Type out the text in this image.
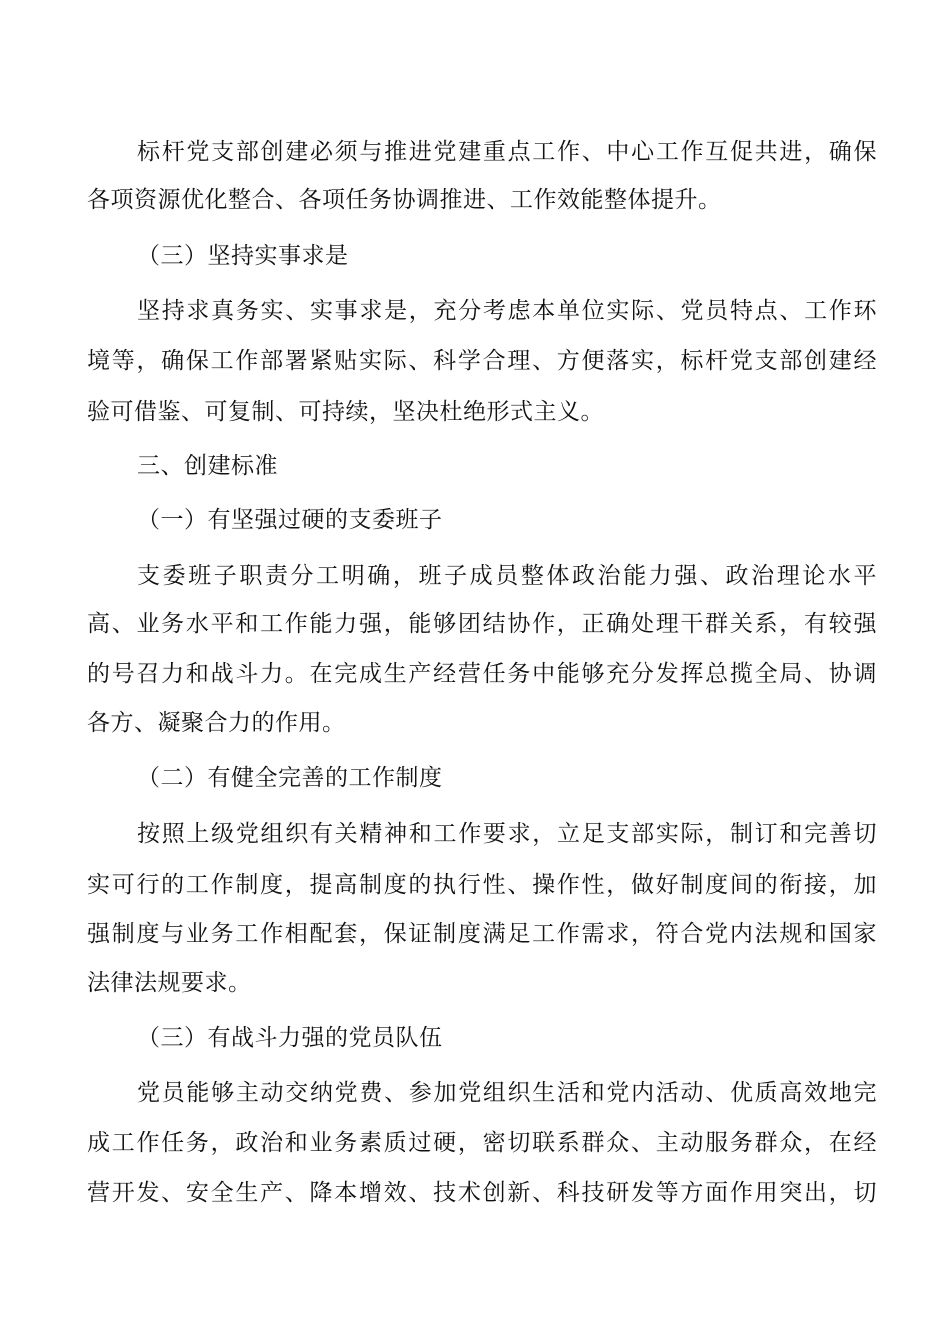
标杆党支部创建必须与推进党建重点工作、中心工作互促共进，确保
各项资源优化整合、各项任务协调推进、工作效能整体提升。
（三）坚持实事求是
坚持求真务实、实事求是，充分考虑本单位实际、党员特点、工作环
境等，确保工作部署紧贴实际、科学合理、方便落实，标杆党支部创建经
验可借鉴、可复制、可持续，坚决杜绝形式主义。
三、创建标准
（一）有坚强过硬的支委班子
支委班子职责分工明确，班子成员整体政治能力强、政治理论水平
高、业务水平和工作能力强，能够团结协作，正确处理干群关系，有较强
的号召力和战斗力。在完成生产经营任务中能够充分发挥总揽全局、协调
各方、凝聚合力的作用。
（二）有健全完善的工作制度
按照上级党组织有关精神和工作要求，立足支部实际，制订和完善切
实可行的工作制度，提高制度的执行性、操作性，做好制度间的衔接，加
强制度与业务工作相配套，保证制度满足工作需求，符合党内法规和国家
法律法规要求。
（三）有战斗力强的党员队伍
党员能够主动交纳党费、参加党组织生活和党内活动、优质高效地完
成工作任务，政治和业务素质过硬，密切联系群众、主动服务群众，在经
营开发、安全生产、降本增效、技术创新、科技研发等方面作用突出，切
